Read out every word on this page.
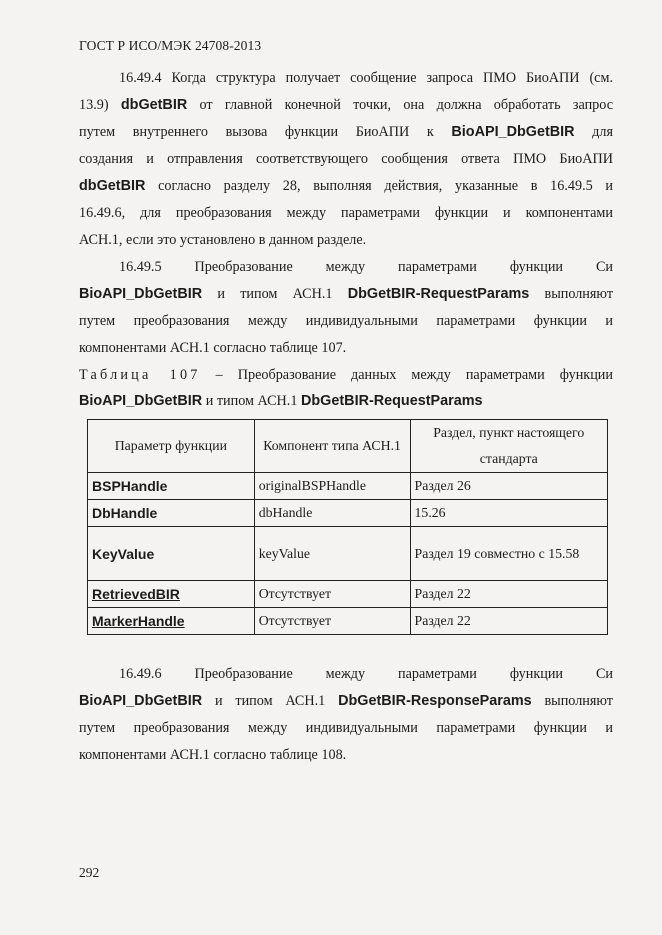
ГОСТ Р ИСО/МЭК 24708-2013
16.49.4 Когда структура получает сообщение запроса ПМО БиоАПИ (см.
13.9) dbGetBIR от главной конечной точки, она должна обработать запрос
путем внутреннего вызова функции БиоАПИ к BioAPI_DbGetBIR для
создания и отправления соответствующего сообщения ответа ПМО БиоАПИ
dbGetBIR согласно разделу 28, выполняя действия, указанные в 16.49.5 и
16.49.6, для преобразования между параметрами функции и компонентами
АСН.1, если это установлено в данном разделе.
16.49.5 Преобразование между параметрами функции Си
BioAPI_DbGetBIR и типом АСН.1 DbGetBIR-RequestParams выполняют
путем преобразования между индивидуальными параметрами функции и
компонентами АСН.1 согласно таблице 107.
Таблица 107 – Преобразование данных между параметрами функции
BioAPI_DbGetBIR и типом АСН.1 DbGetBIR-RequestParams
Параметр функции	Компонент типа АСН.1	Раздел, пункт настоящего стандарта
BSPHandle	originalBSPHandle	Раздел 26
DbHandle	dbHandle	15.26
KeyValue	keyValue	Раздел 19 совместно с 15.58
RetrievedBIR	Отсутствует	Раздел 22
MarkerHandle	Отсутствует	Раздел 22
16.49.6 Преобразование между параметрами функции Си
BioAPI_DbGetBIR и типом АСН.1 DbGetBIR-ResponseParams выполняют
путем преобразования между индивидуальными параметрами функции и
компонентами АСН.1 согласно таблице 108.
292
